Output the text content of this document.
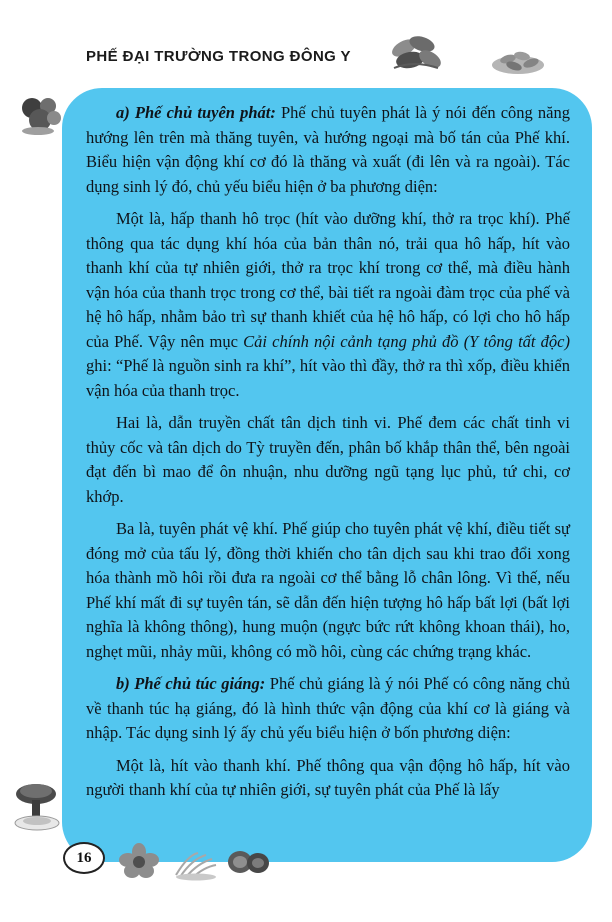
PHẾ ĐẠI TRƯỜNG TRONG ĐÔNG Y

a) Phế chủ tuyên phát: Phế chủ tuyên phát là ý nói đến công năng hướng lên trên mà thăng tuyên, và hướng ngoại mà bố tán của Phế khí. Biểu hiện vận động khí cơ đó là thăng và xuất (đi lên và ra ngoài). Tác dụng sinh lý đó, chủ yếu biểu hiện ở ba phương diện:

Một là, hấp thanh hô trọc (hít vào dưỡng khí, thở ra trọc khí). Phế thông qua tác dụng khí hóa của bản thân nó, trải qua hô hấp, hít vào thanh khí của tự nhiên giới, thở ra trọc khí trong cơ thể, mà điều hành vận hóa của thanh trọc trong cơ thể, bài tiết ra ngoài đàm trọc của phế và hệ hô hấp, nhằm bảo trì sự thanh khiết của hệ hô hấp, có lợi cho hô hấp của Phế. Vậy nên mục Cải chính nội cảnh tạng phủ đồ (Y tông tất độc) ghi: “Phế là nguồn sinh ra khí”, hít vào thì đầy, thở ra thì xốp, điều khiển vận hóa của thanh trọc.

Hai là, dẫn truyền chất tân dịch tinh vi. Phế đem các chất tinh vi thủy cốc và tân dịch do Tỳ truyền đến, phân bố khắp thân thể, bên ngoài đạt đến bì mao để ôn nhuận, nhu dưỡng ngũ tạng lục phủ, tứ chi, cơ khớp.

Ba là, tuyên phát vệ khí. Phế giúp cho tuyên phát vệ khí, điều tiết sự đóng mở của tấu lý, đồng thời khiến cho tân dịch sau khi trao đổi xong hóa thành mồ hôi rồi đưa ra ngoài cơ thể bằng lỗ chân lông. Vì thế, nếu Phế khí mất đi sự tuyên tán, sẽ dẫn đến hiện tượng hô hấp bất lợi (bất lợi nghĩa là không thông), hung muộn (ngực bức rứt không khoan thái), ho, nghẹt mũi, nhảy mũi, không có mồ hôi, cùng các chứng trạng khác.

b) Phế chủ túc giáng: Phế chủ giáng là ý nói Phế có công năng chủ về thanh túc hạ giáng, đó là hình thức vận động của khí cơ là giáng và nhập. Tác dụng sinh lý ấy chủ yếu biểu hiện ở bốn phương diện:

Một là, hít vào thanh khí. Phế thông qua vận động hô hấp, hít vào người thanh khí của tự nhiên giới, sự tuyên phát của Phế là lấy

16
